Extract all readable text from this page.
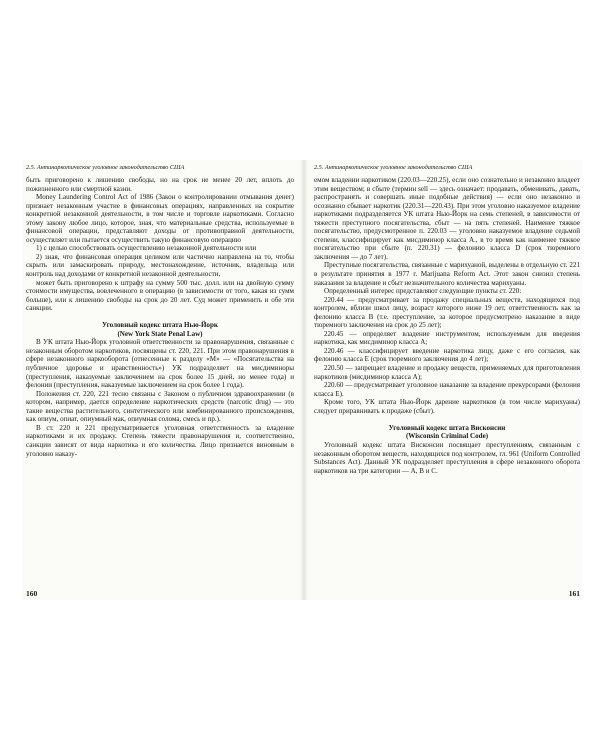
2.5. Антинаркотическое уголовное законодательство США

быть приговорено к лишению свободы, но на срок не менее 20 лет, вплоть до пожизненного или смертной казни.

Money Laundering Control Act of 1986 (Закон о контролировании отмывания денег) признает незаконным участие в финансовых операциях, направленных на сокрытие конкретной незаконной деятельности, в том числе и торговле наркотиками. Согласно этому закону любое лицо, которое, зная, что материальные средства, используемые в финансовой операции, представляют доходы от противоправной деятельности, осуществляет или пытается осуществить такую финансовую операцию

1) с целью способствовать осуществлению незаконной деятельности или

2) зная, что финансовая операция целиком или частично направлена на то, чтобы скрыть или замаскировать природу, местонахождение, источник, владельца или контроль над доходами от конкретной незаконной деятельности,

может быть приговорено к штрафу на сумму 500 тыс. долл. или на двойную сумму стоимости имущества, вовлеченного в операцию (в зависимости от того, какая из сумм больше), или к лишению свободы на срок до 20 лет. Суд может применить и обе эти санкции.

Уголовный кодекс штата Нью-Йорк

(New York State Penal Law)

В УК штата Нью-Йорк уголовной ответственности за правонарушения, связанные с незаконным оборотом наркотиков, посвящены ст. 220, 221. При этом правонарушения в сфере незаконного наркооборота (отнесенные к разделу «М» — «Посягательства на публичное здоровье и нравственность») УК подразделяет на мисдиминоры (преступления, наказуемые заключением на срок более 15 дней, но менее года) и фелонии (преступления, наказуемые заключением на срок более 1 года).

Положения ст. 220, 221 тесно связаны с Законом о публичном здравоохранении (в котором, например, дается определение наркотических средств (narcotic drug) — это такие вещества растительного, синтетического или комбинированного происхождения, как опиум, опиат, опиумный мак, опиумная солома, смесь и пр.).

В ст. 220 и 221 предусматривается уголовная ответственность за владение наркотиками и их продажу. Степень тяжести правонарушения и, соответственно, санкции зависят от вида наркотика и его количества. Лицо признается виновным в уголовно наказу-

160
2.5. Антинаркотическое уголовное законодательство США

емом владении наркотиком (220.03—220.25), если оно сознательно и незаконно владеет этим веществом; в сбыте (термин sell — здесь означает: продавать, обменивать, давать, распространять и совершать иные подобные действия) — если оно незаконно и осознанно сбывает наркотик (220.31—220.43). При этом уголовно наказуемое владение наркотиками подразделяется УК штата Нью-Йорк на семь степеней, в зависимости от тяжести преступного посягательства, сбыт — на пять степеней. Наименее тяжкое посягательство, предусмотренное п. 220.03 — уголовно наказуемое владение седьмой степени, классифицирует как мисдиминор класса А., в то время как наименее тяжкое посягательство при сбыте (п. 220.31) — фелонию класса D (срок тюремного заключения — до 7 лет).

Преступные посягательства, связанные с марихуаной, выделены в отдельную ст. 221 в результате принятия в 1977 г. Marijuana Reform Act. Этот закон снизил степень наказания за владение и сбыт незначительного количества марихуаны.

Определенный интерес представляют следующие пункты ст. 220:

220.44 — предусматривает за продажу специальных веществ, находящихся под контролем, вблизи школ лицу, возраст которого ниже 19 лет, ответственность как за фелонию класса В (т.е. преступление, за которое предусмотрено наказание в виде тюремного заключения на срок до 25 лет);

220.45 — определяет владение инструментом, используемым для введения наркотика, как мисдиминор класса А;

220.46 — классифицирует введение наркотика лицу, даже с его согласия, как фелонию класса Е (срок тюремного заключения до 4 лет);

220.50 — запрещает владение и продажу веществ, применяемых для приготовления наркотиков (мисдиминор класса А);

220.60 — предусматривает уголовное наказание за владение прекурсорами (фелония класса Е).

Кроме того, УК штата Нью-Йорк дарение наркотиков (в том числе марихуаны) следует приравнивать к продаже (сбыт).

Уголовный кодекс штата Висконсин

(Wisconsin Criminal Code)

Уголовный кодекс штата Висконсин посвящает преступлениям, связанным с незаконным оборотом веществ, находящихся под контролем, гл. 961 (Uniform Controlled Substances Act). Данный УК подразделяет преступления в сфере незаконного оборота наркотиков на три категории — А, В и С.

161
